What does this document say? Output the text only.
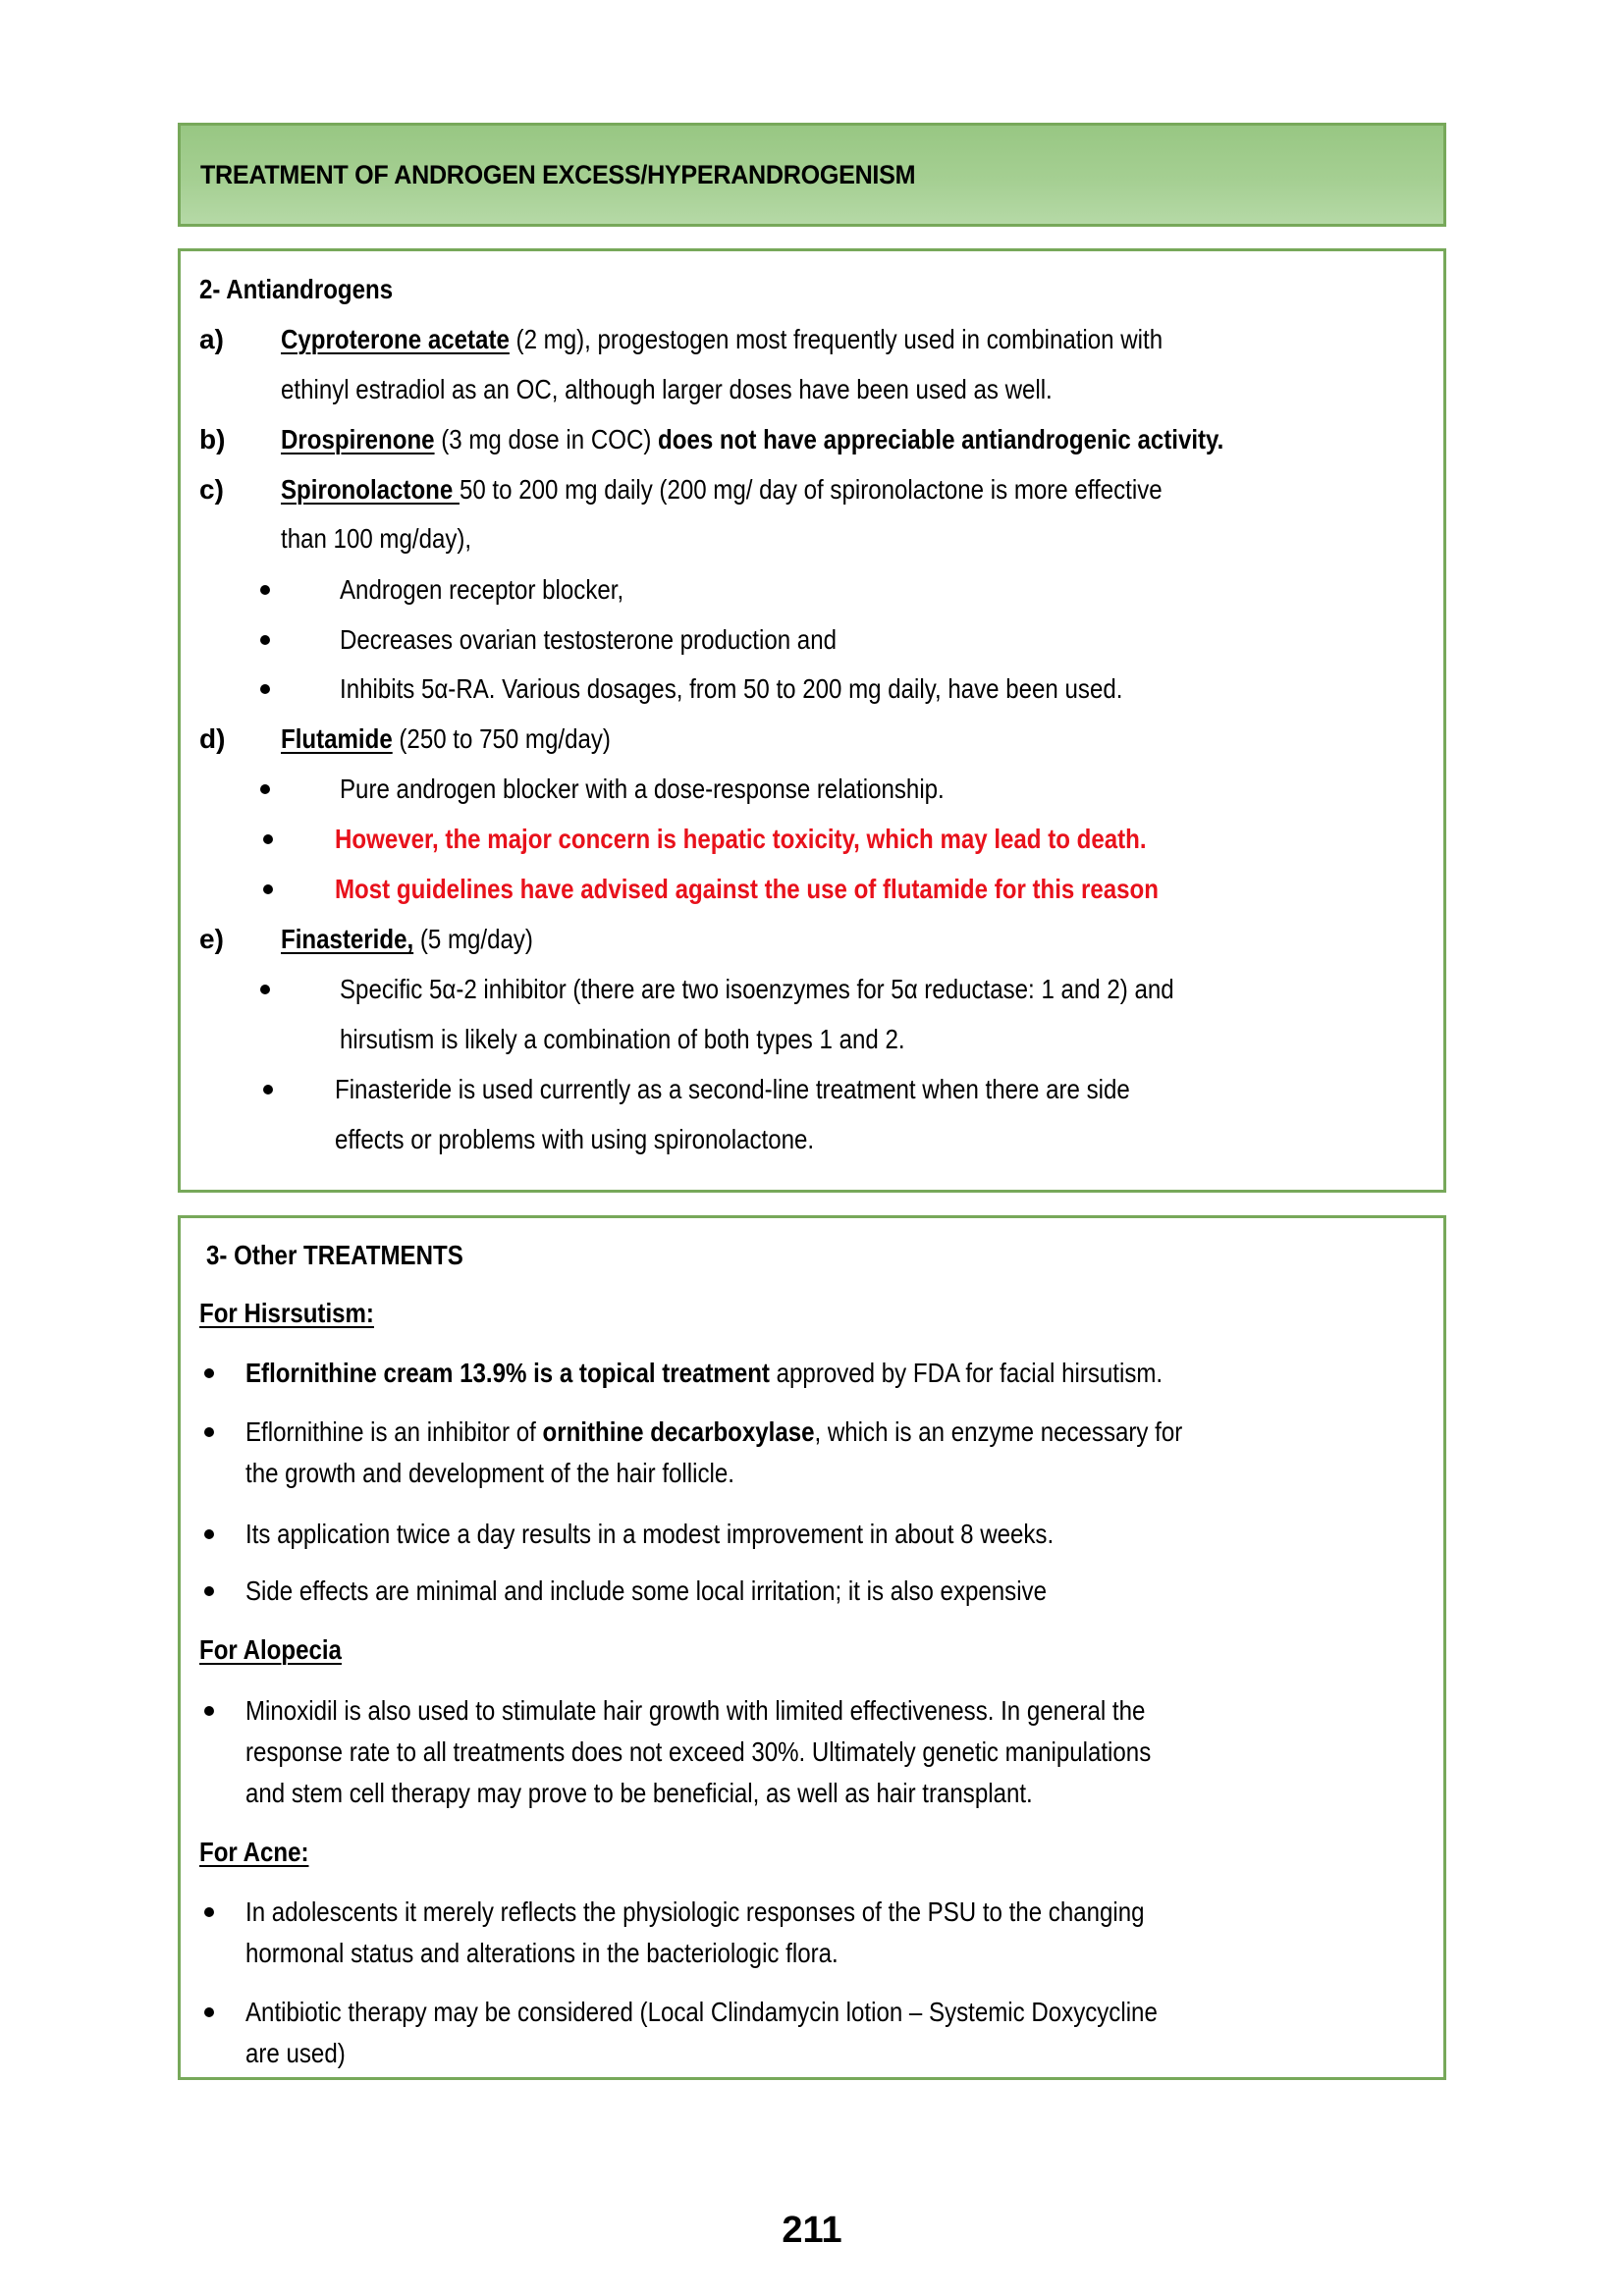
TREATMENT OF ANDROGEN EXCESS/HYPERANDROGENISM
2- Antiandrogens
a) Cyproterone acetate (2 mg), progestogen most frequently used in combination with
ethinyl estradiol as an OC, although larger doses have been used as well.
b) Drospirenone (3 mg dose in COC) does not have appreciable antiandrogenic activity.
c) Spironolactone 50 to 200 mg daily (200 mg/ day of spironolactone is more effective
than 100 mg/day),
Androgen receptor blocker,
Decreases ovarian testosterone production and
Inhibits 5α-RA. Various dosages, from 50 to 200 mg daily, have been used.
d) Flutamide (250 to 750 mg/day)
Pure androgen blocker with a dose-response relationship.
However, the major concern is hepatic toxicity, which may lead to death.
Most guidelines have advised against the use of flutamide for this reason
e) Finasteride, (5 mg/day)
Specific 5α-2 inhibitor (there are two isoenzymes for 5α reductase: 1 and 2) and
hirsutism is likely a combination of both types 1 and 2.
Finasteride is used currently as a second-line treatment when there are side
effects or problems with using spironolactone.
3- Other TREATMENTS
For Hisrsutism:
Eflornithine cream 13.9% is a topical treatment approved by FDA for facial hirsutism.
Eflornithine is an inhibitor of ornithine decarboxylase, which is an enzyme necessary for
the growth and development of the hair follicle.
Its application twice a day results in a modest improvement in about 8 weeks.
Side effects are minimal and include some local irritation; it is also expensive
For Alopecia
Minoxidil is also used to stimulate hair growth with limited effectiveness. In general the
response rate to all treatments does not exceed 30%. Ultimately genetic manipulations
and stem cell therapy may prove to be beneficial, as well as hair transplant.
For Acne:
In adolescents it merely reflects the physiologic responses of the PSU to the changing
hormonal status and alterations in the bacteriologic flora.
Antibiotic therapy may be considered (Local Clindamycin lotion – Systemic Doxycycline
are used)
211
